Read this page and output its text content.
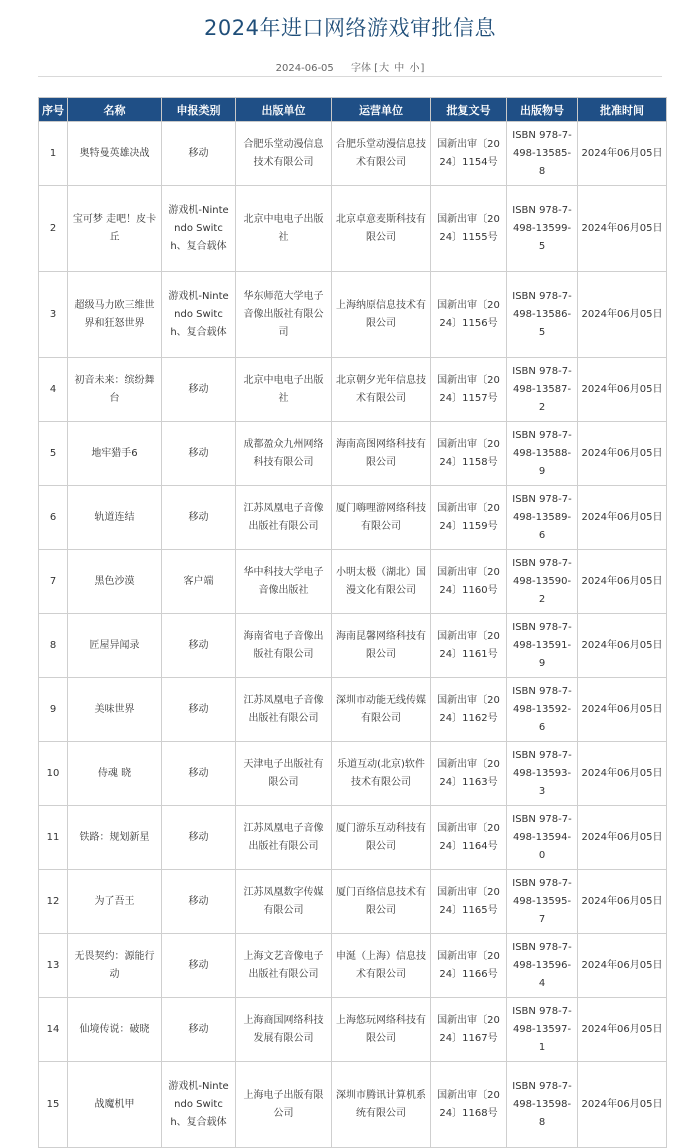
2024年进口网络游戏审批信息
2024-06-05 字体 [大 中 小]
序号	名称	申报类别	出版单位	运营单位	批复文号	出版物号	批准时间
1	奥特曼英雄决战	移动	合肥乐堂动漫信息技术有限公司	合肥乐堂动漫信息技术有限公司	国新出审〔2024〕1154号	ISBN 978-7-498-13585-8	2024年06月05日
2	宝可梦 走吧！皮卡丘	游戏机-Nintendo Switch、复合载体	北京中电电子出版社	北京卓意麦斯科技有限公司	国新出审〔2024〕1155号	ISBN 978-7-498-13599-5	2024年06月05日
3	超级马力欧三维世界和狂怒世界	游戏机-Nintendo Switch、复合载体	华东师范大学电子音像出版社有限公司	上海纳原信息技术有限公司	国新出审〔2024〕1156号	ISBN 978-7-498-13586-5	2024年06月05日
4	初音未来：缤纷舞台	移动	北京中电电子出版社	北京朝夕光年信息技术有限公司	国新出审〔2024〕1157号	ISBN 978-7-498-13587-2	2024年06月05日
5	地牢猎手6	移动	成都盈众九州网络科技有限公司	海南高图网络科技有限公司	国新出审〔2024〕1158号	ISBN 978-7-498-13588-9	2024年06月05日
6	轨道连结	移动	江苏凤凰电子音像出版社有限公司	厦门嗨哩游网络科技有限公司	国新出审〔2024〕1159号	ISBN 978-7-498-13589-6	2024年06月05日
7	黑色沙漠	客户端	华中科技大学电子音像出版社	小明太极（湖北）国漫文化有限公司	国新出审〔2024〕1160号	ISBN 978-7-498-13590-2	2024年06月05日
8	匠屋异闻录	移动	海南省电子音像出版社有限公司	海南昆馨网络科技有限公司	国新出审〔2024〕1161号	ISBN 978-7-498-13591-9	2024年06月05日
9	美味世界	移动	江苏凤凰电子音像出版社有限公司	深圳市动能无线传媒有限公司	国新出审〔2024〕1162号	ISBN 978-7-498-13592-6	2024年06月05日
10	侍魂 晓	移动	天津电子出版社有限公司	乐道互动(北京)软件技术有限公司	国新出审〔2024〕1163号	ISBN 978-7-498-13593-3	2024年06月05日
11	铁路：规划新星	移动	江苏凤凰电子音像出版社有限公司	厦门游乐互动科技有限公司	国新出审〔2024〕1164号	ISBN 978-7-498-13594-0	2024年06月05日
12	为了吾王	移动	江苏凤凰数字传媒有限公司	厦门百络信息技术有限公司	国新出审〔2024〕1165号	ISBN 978-7-498-13595-7	2024年06月05日
13	无畏契约：源能行动	移动	上海文艺音像电子出版社有限公司	申涎（上海）信息技术有限公司	国新出审〔2024〕1166号	ISBN 978-7-498-13596-4	2024年06月05日
14	仙境传说：破晓	移动	上海商国网络科技发展有限公司	上海悠玩网络科技有限公司	国新出审〔2024〕1167号	ISBN 978-7-498-13597-1	2024年06月05日
15	战魔机甲	游戏机-Nintendo Switch、复合载体	上海电子出版有限公司	深圳市腾讯计算机系统有限公司	国新出审〔2024〕1168号	ISBN 978-7-498-13598-8	2024年06月05日
